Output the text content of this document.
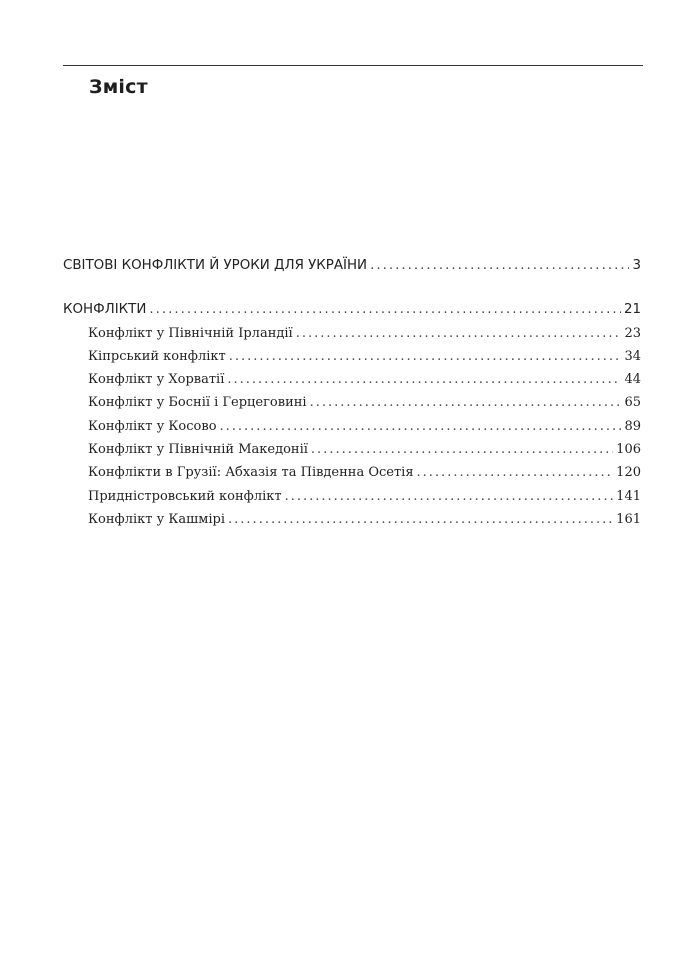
Зміст
СВІТОВІ КОНФЛІКТИ Й УРОКИ ДЛЯ УКРАЇНИ .....	3
КОНФЛІКТИ .....	21
Конфлікт у Північній Ірландії .....	23
Кіпрський конфлікт .....	34
Конфлікт у Хорватії .....	44
Конфлікт у Боснії і Герцеговині .....	65
Конфлікт у Косово .....	89
Конфлікт у Північній Македонії .....	106
Конфлікти в Грузії: Абхазія та Південна Осетія .....	120
Придністровський конфлікт .....	141
Конфлікт у Кашмірі .....	161
